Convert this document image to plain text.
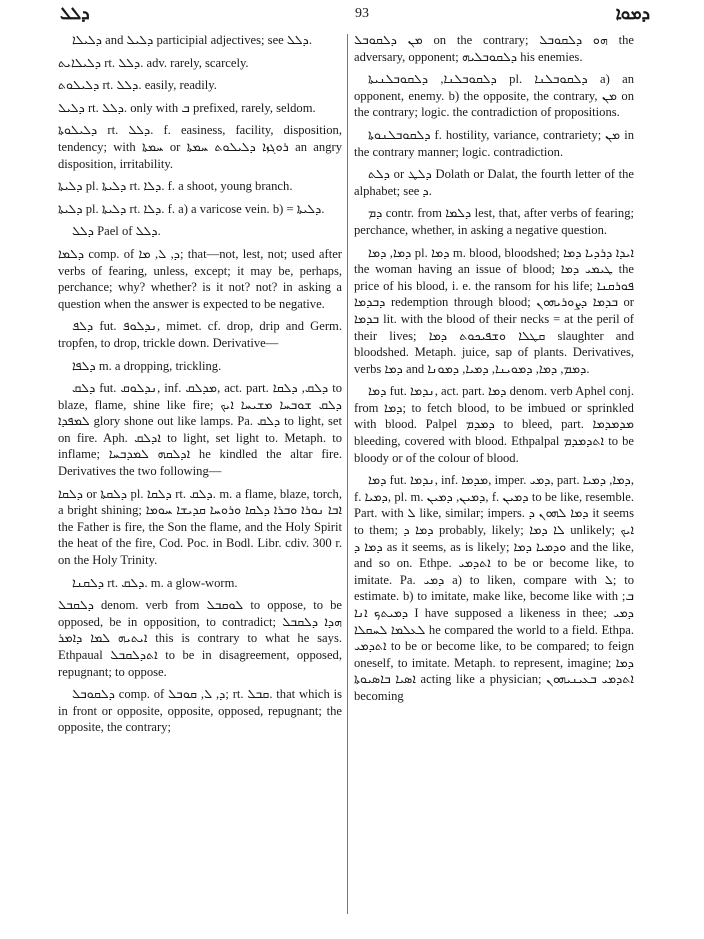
ܕܠܠ	93	ܕܡܘܐ

ܕܠܝܠܐ and ܕܠܝܠ participial adjectives; see ܕܠܠ.

ܕܠܝܠܐܝܬ rt. ܕܠܠ. adv. rarely, scarcely.

ܕܠܝܠܘܬ rt. ܕܠܠ. easily, readily.

ܕܠܝܠ rt. ܕܠܠ. only with ܒ prefixed, rarely, seldom.

ܕܠܝܠܘܬܐ rt. ܕܠܠ. f. easiness, facility, disposition, tendency; with ܚܡܬܐ or ܪܘܓܙܐ ܕܠܝܠܘܬ ܚܡܬܐ an angry disposition, irritability.

ܕܠܝܬܐ pl. ܕܠܝܬܐ rt. ܕܠܐ. f. a shoot, young branch.

ܕܠܝܬܐ pl. ܕܠܝܬܐ rt. ܕܠܐ. f. a) a varicose vein. b) = ܕܠܝܬܐ.

ܕܠܠ Pael of ܕܠܠ.

ܕܠܡܐ comp. of ܕ, ܠ, ܡܐ; that—not, lest, not; used after verbs of fearing, unless, except; it may be, perhaps, perchance; why? whether? is it not? not? in asking a question when the answer is expected to be negative.

ܕܠܦ fut. ܢܕܠܘܦ, mimet. cf. drop, drip and Germ. tropfen, to drop, trickle down. Derivative—

ܕܠܦܐ m. a dropping, trickling.

ܕܠܩ fut. ܢܕܠܘܩ, inf. ܡܕܠܩ, act. part. ܕܠܩ, ܕܠܩܐ to blaze, flame, shine like fire; ܕܠܩ ܫܘܒܚܐ ܡܫܝܚܐ ܐܝܟ ܠܡܦܕܐ glory shone out like lamps. Pa. ܕܠܩ to light, set on fire. Aph. ܐܕܠܩ to light, set light to. Metaph. to inflame; ܐܕܠܩܗ ܠܡܕܒܚܐ he kindled the altar fire. Derivatives the two following—

ܕܠܩܐ or ܕܠܩܬܐ pl. ܕܠܩܐ rt. ܕܠܩ. m. a flame, blaze, torch, a bright shining; ܐܒܐ ܢܘܪܐ ܘܒܪܐ ܕܠܩܐ ܘܪܘܚܐ ܩܕܝܫܐ ܚܘܡܐ the Father is fire, the Son the flame, and the Holy Spirit the heat of the fire, Cod. Poc. in Bodl. Libr. cdiv. 300 r. on the Holy Trinity.

ܕܠܩܢܐ rt. ܕܠܩ. m. a glow-worm.

ܕܠܩܒܠ denom. verb from ܠܘܩܒܠ to oppose, to be opposed, be in opposition, to contradict; ܗܕܐ ܕܠܩܒܠ ܐܝܬܝܗ ܠܡܐ ܕܐܡܪ this is contrary to what he says. Ethpaual ܐܬܕܠܩܒܠ to be in disagreement, opposed, repugnant; to oppose.

ܕܠܩܘܒܠ comp. of ܕ, ܠ, ܩܘܒܠ; rt. ܩܒܠ. that which is in front or opposite, opposite, opposed, repugnant; the opposite, the contrary;

ܡܢ ܕܠܩܘܒܠ on the contrary; ܗܘ ܕܠܩܘܒܠ the adversary, opponent; ܕܠܩܘܒܠܝܗ his enemies.

ܕܠܩܘܒܠܢܐ, ܕܠܩܘܒܠܢܝܬܐ pl. ܕܠܩܘܒܠܢܐ a) an opponent, enemy. b) the opposite, the contrary, ܡܢ on the contrary; logic. the contradiction of propositions.

ܕܠܩܘܒܠܢܘܬܐ f. hostility, variance, contrariety; ܡܢ in the contrary manner; logic. contradiction.

ܕܠܬ or ܕܠܛ Dolath or Dalat, the fourth letter of the alphabet; see ܕ.

ܕܡ contr. from ܕܠܡܐ lest, that, after verbs of fearing; perchance, whether, in asking a negative question.

ܕܡܐ, ܕܡܐ pl. ܕܡܐ m. blood, bloodshed; ܐܝܕܐ ܕܪܕܝܐ ܕܡܐ the woman having an issue of blood; ܛܝܡܝ ܕܡܐ the price of his blood, i. e. the ransom for his life; ܦܘܪܩܢܐ ܕܒܕܡܐ redemption through blood; ܒܕܡܐ ܕܨܘܪܝܗܘܢ or ܒܕܡܐ lit. with the blood of their necks = at the peril of their lives; ܩܛܠܐ ܘܫܦܝܟܘܬ ܕܡܐ slaughter and bloodshed. Metaph. juice, sap of plants. Derivatives, verbs ܕܡܐ and ܕܡܡ, ܕܡܐ, ܕܡܘܝܢܐ, ܕܡܝܐ, ܕܡܘܢܐ.

ܕܡܐ fut. ܢܕܡܐ, act. part. ܕܡܐ denom. verb Aphel conj. from ܕܡܐ; to fetch blood, to be imbued or sprinkled with blood. Palpel ܕܡܕܡ to bleed, part. ܡܕܡܕܡܐ bleeding, covered with blood. Ethpalpal ܐܬܕܡܕܡ to be bloody or of the colour of blood.

ܕܡܐ fut. ܢܕܡܐ, inf. ܡܕܡܐ, imper. ܕܡܝ, part. ܕܡܐ, ܕܡܝܐ, f. ܕܡܝܐ, pl. m. ܕܡܝܢ, ܕܡܝܢ, f. ܕܡܝܢ to be like, resemble. Part. with ܠ like, similar; impers. ܕܡܐ ܠܗܘܢ ܕ it seems to them; ܕܡܐ ܕ probably, likely; ܠܐ ܕܡܐ unlikely; ܐܝܟ ܕܡܐ ܕ as it seems, as is likely; ܘܕܡܝܐ ܕܡܐ and the like, and so on. Ethpe. ܐܬܕܡܝ to be or become like, to imitate. Pa. ܕܡܝ a) to liken, compare with ܠ; to estimate. b) to imitate, make like, become like with ܒ; ܕܡܝܬܟ ܐܢܐ I have supposed a likeness in thee; ܕܡܝ ܠܥܠܡܐ ܠܚܩܠܐ he compared the world to a field. Ethpa. ܐܬܕܡܝ to be or become like, to be compared; to feign oneself, to imitate. Metaph. to represent, imagine; ܕܡܐ ܐܣܝܐ ܒܐܣܝܘܬܐ acting like a physician; ܐܬܕܡܝ ܒܥܝܢܝܗܘܢ becoming
